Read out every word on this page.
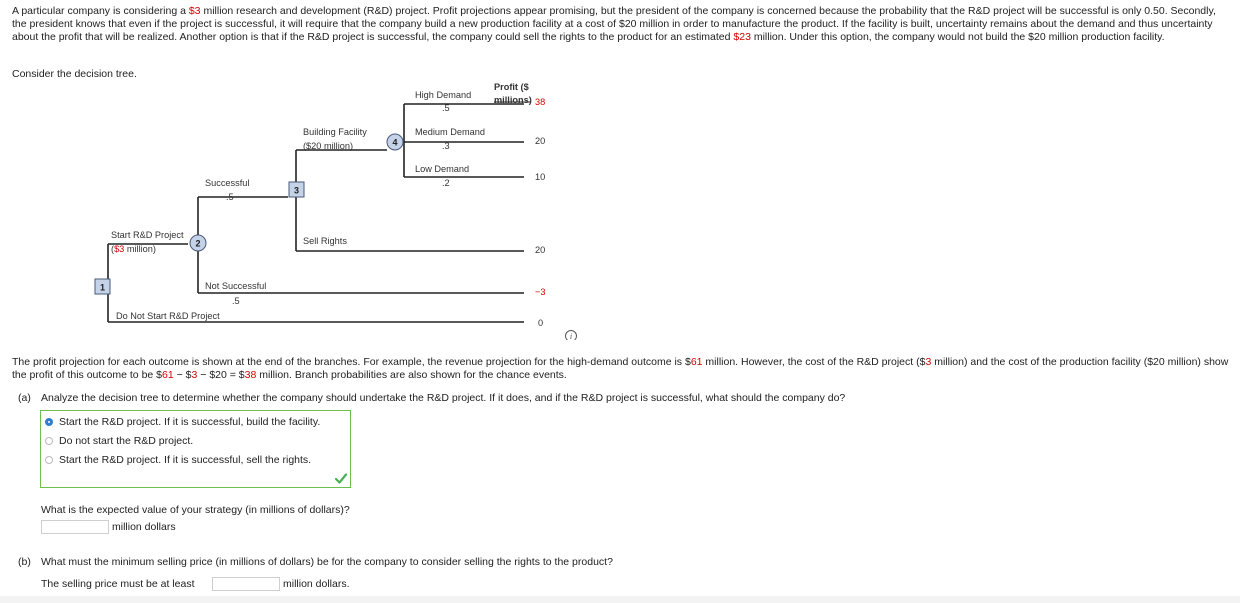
A particular company is considering a $3 million research and development (R&D) project. Profit projections appear promising, but the president of the company is concerned because the probability that the R&D project will be successful is only 0.50. Secondly, the president knows that even if the project is successful, it will require that the company build a new production facility at a cost of $20 million in order to manufacture the product. If the facility is built, uncertainty remains about the demand and thus uncertainty about the profit that will be realized. Another option is that if the R&D project is successful, the company could sell the rights to the product for an estimated $23 million. Under this option, the company would not build the $20 million production facility.
Consider the decision tree.
1
2
3
4
i
Start R&D Project
($3 million)
Successful
.5
Not Successful
.5
Do Not Start R&D Project
Building Facility
($20 million)
Sell Rights
High Demand
.5
Medium Demand
.3
Low Demand
.2
Profit ($
millions) 38
20
10
20
−3
0
The profit projection for each outcome is shown at the end of the branches. For example, the revenue projection for the high-demand outcome is $61 million. However, the cost of the R&D project ($3 million) and the cost of the production facility ($20 million) show the profit of this outcome to be $61 − $3 − $20 = $38 million. Branch probabilities are also shown for the chance events.
(a) Analyze the decision tree to determine whether the company should undertake the R&D project. If it does, and if the R&D project is successful, what should the company do?
Start the R&D project. If it is successful, build the facility.
Do not start the R&D project.
Start the R&D project. If it is successful, sell the rights.
What is the expected value of your strategy (in millions of dollars)?
million dollars
(b) What must the minimum selling price (in millions of dollars) be for the company to consider selling the rights to the product?
The selling price must be at least	million dollars.
